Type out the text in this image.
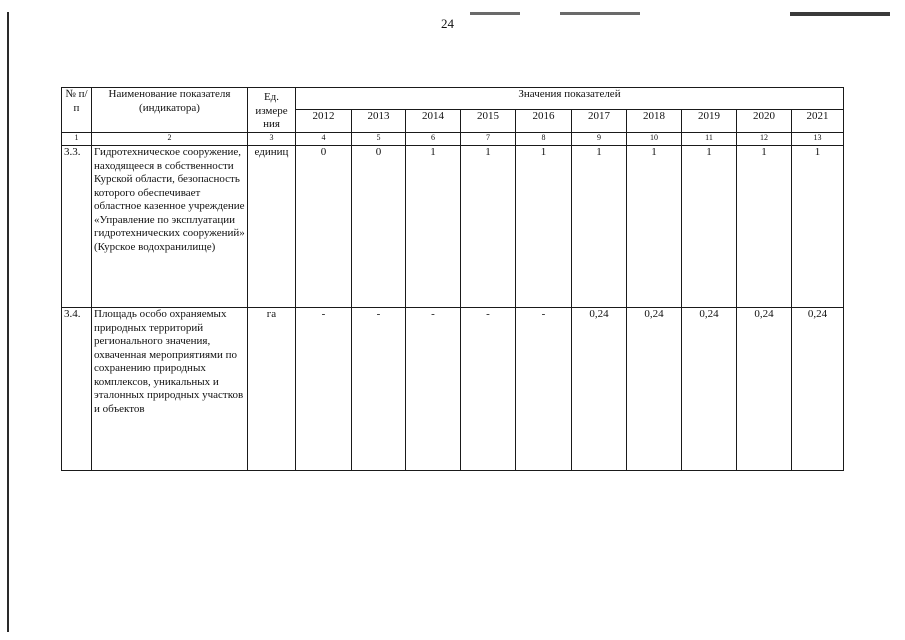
24
№ п/п	Наименование показателя (индикатора)	Ед. измере ния	Значения показателей									
			2012	2013	2014	2015	2016	2017	2018	2019	2020	2021
1	2	3	4	5	6	7	8	9	10	11	12	13
3.3.	Гидротехническое сооружение, находящееся в собственности Курской области, безопасность которого обеспечивает областное казенное учреждение «Управление по эксплуатации гидротехнических сооружений» (Курское водохранилище)	единиц	0	0	1	1	1	1	1	1	1	1
3.4.	Площадь особо охраняемых природных территорий регионального значения, охваченная мероприятиями по сохранению природных комплексов, уникальных и эталонных природных участков и объектов	га	-	-	-	-	-	0,24	0,24	0,24	0,24	0,24
